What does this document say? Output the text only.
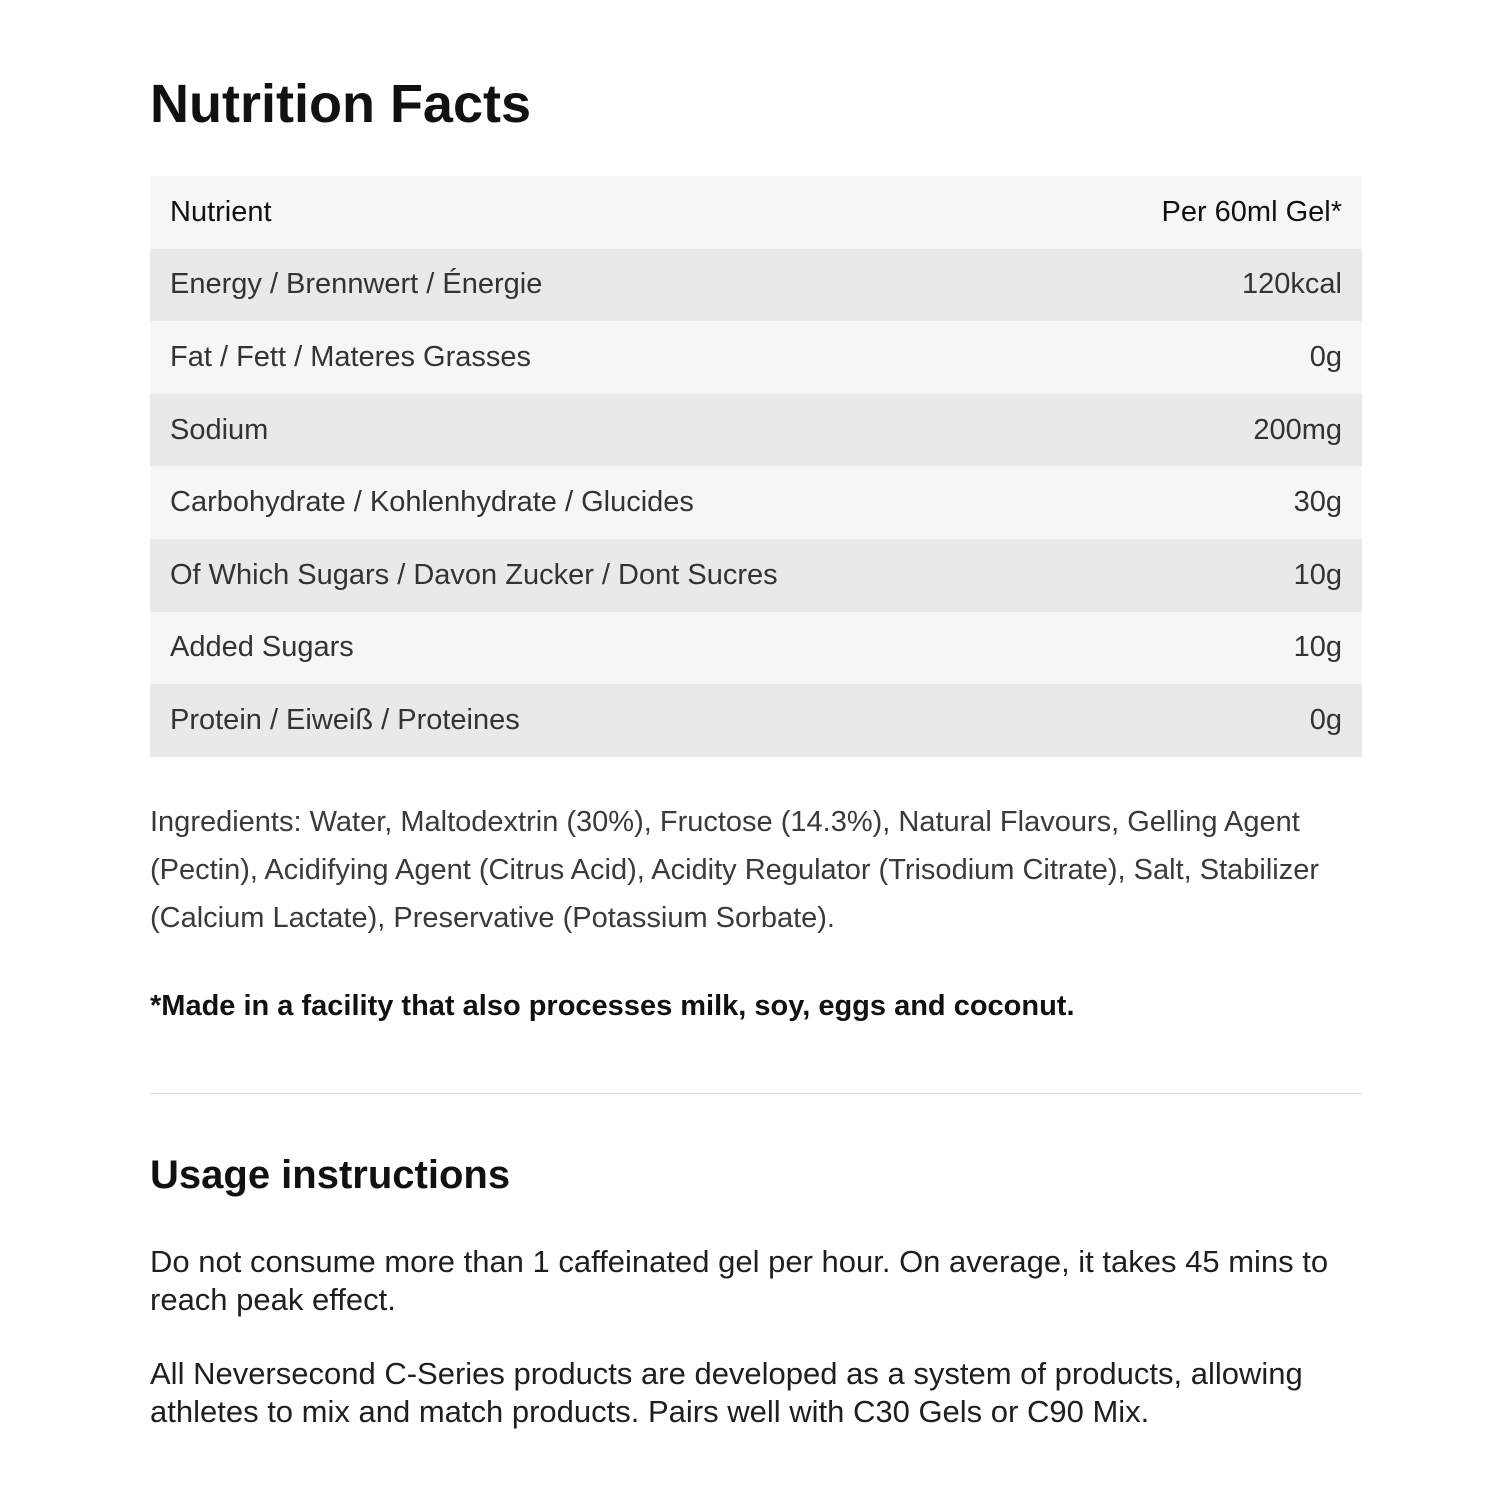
Nutrition Facts
Nutrient	Per 60ml Gel*
Energy / Brennwert / Énergie	120kcal
Fat / Fett / Materes Grasses	0g
Sodium	200mg
Carbohydrate / Kohlenhydrate / Glucides	30g
Of Which Sugars / Davon Zucker / Dont Sucres	10g
Added Sugars	10g
Protein / Eiweiß / Proteines	0g

Ingredients: Water, Maltodextrin (30%), Fructose (14.3%), Natural Flavours, Gelling Agent (Pectin), Acidifying Agent (Citrus Acid), Acidity Regulator (Trisodium Citrate), Salt, Stabilizer (Calcium Lactate), Preservative (Potassium Sorbate).

*Made in a facility that also processes milk, soy, eggs and coconut.

Usage instructions

Do not consume more than 1 caffeinated gel per hour. On average, it takes 45 mins to reach peak effect.

All Neversecond C-Series products are developed as a system of products, allowing athletes to mix and match products. Pairs well with C30 Gels or C90 Mix.
